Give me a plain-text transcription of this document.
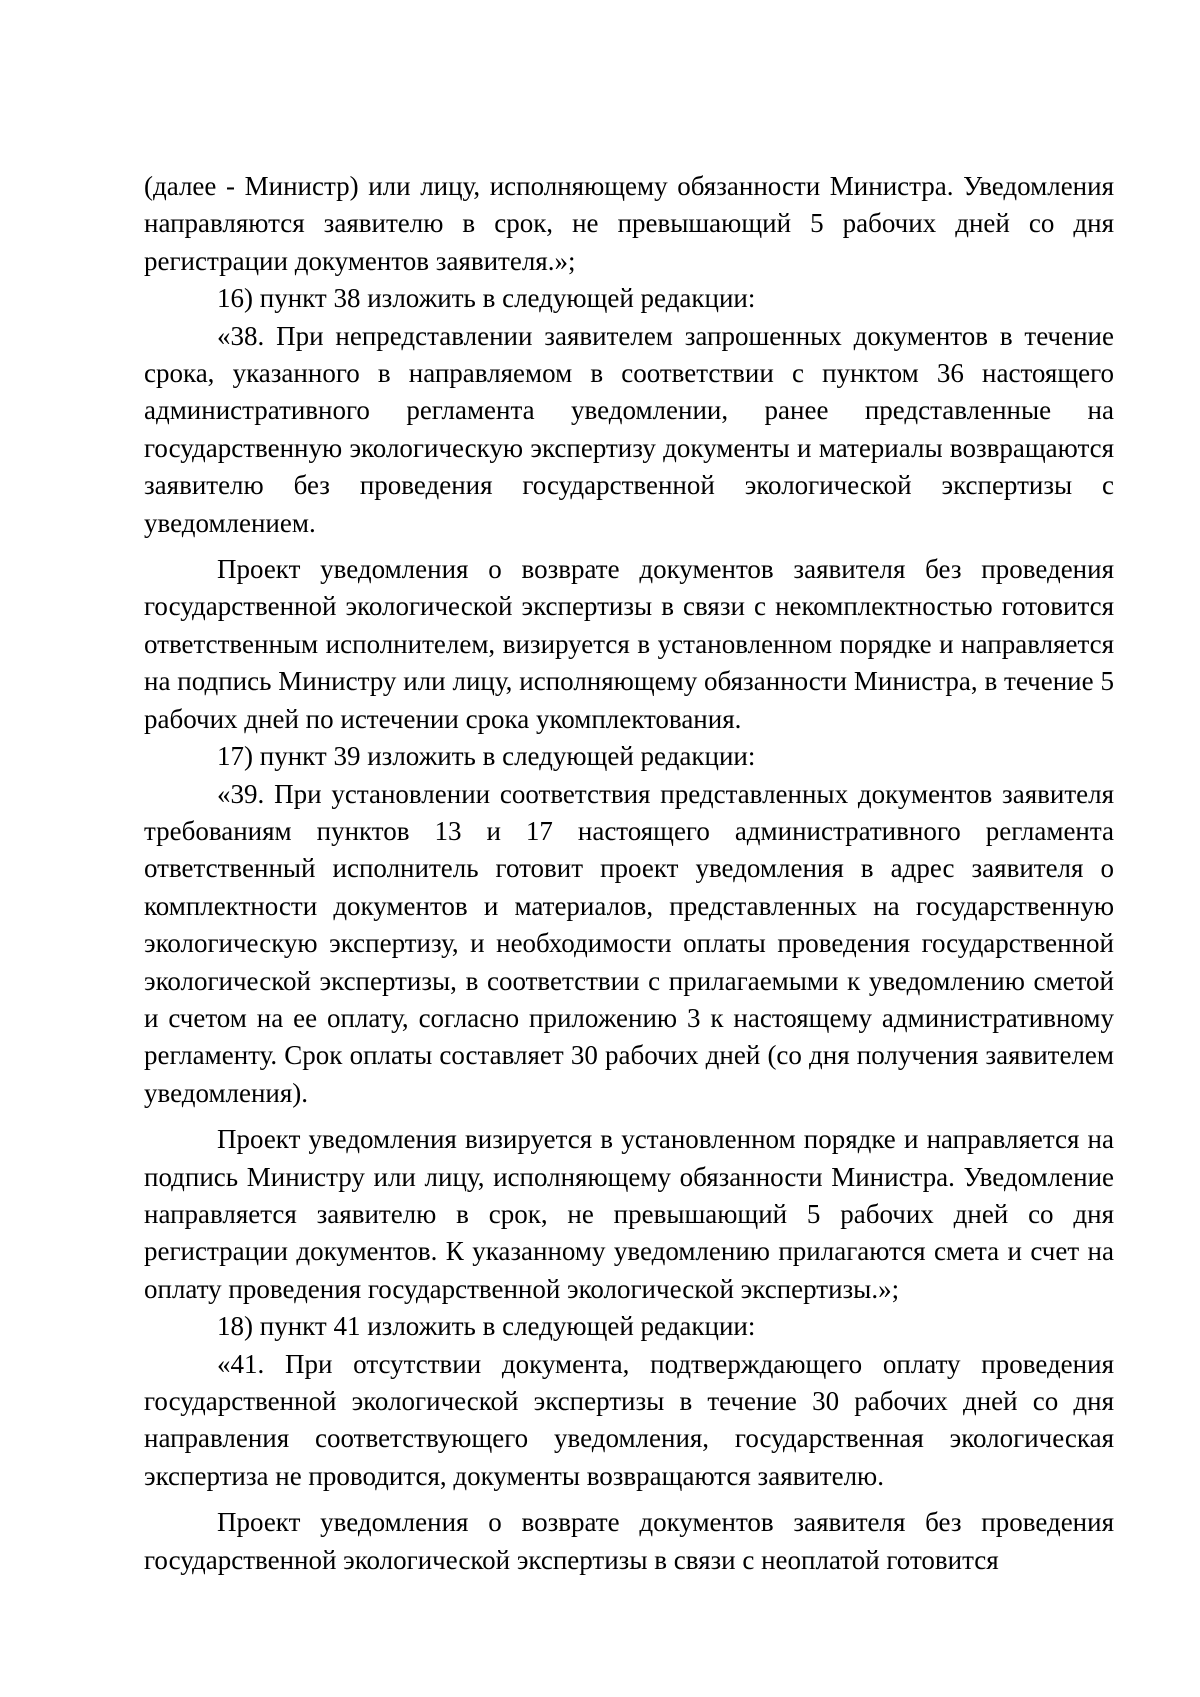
(далее - Министр) или лицу, исполняющему обязанности Министра. Уведомления направляются заявителю в срок, не превышающий 5 рабочих дней со дня регистрации документов заявителя.»;

16) пункт 38 изложить в следующей редакции:

«38. При непредставлении заявителем запрошенных документов в течение срока, указанного в направляемом в соответствии с пунктом 36 настоящего административного регламента уведомлении, ранее представленные на государственную экологическую экспертизу документы и материалы возвращаются заявителю без проведения государственной экологической экспертизы с уведомлением.

Проект уведомления о возврате документов заявителя без проведения государственной экологической экспертизы в связи с некомплектностью готовится ответственным исполнителем, визируется в установленном порядке и направляется на подпись Министру или лицу, исполняющему обязанности Министра, в течение 5 рабочих дней по истечении срока укомплектования.

17) пункт 39 изложить в следующей редакции:

«39. При установлении соответствия представленных документов заявителя требованиям пунктов 13 и 17 настоящего административного регламента ответственный исполнитель готовит проект уведомления в адрес заявителя о комплектности документов и материалов, представленных на государственную экологическую экспертизу, и необходимости оплаты проведения государственной экологической экспертизы, в соответствии с прилагаемыми к уведомлению сметой и счетом на ее оплату, согласно приложению 3 к настоящему административному регламенту. Срок оплаты составляет 30 рабочих дней (со дня получения заявителем уведомления).

Проект уведомления визируется в установленном порядке и направляется на подпись Министру или лицу, исполняющему обязанности Министра. Уведомление направляется заявителю в срок, не превышающий 5 рабочих дней со дня регистрации документов. К указанному уведомлению прилагаются смета и счет на оплату проведения государственной экологической экспертизы.»;

18) пункт 41 изложить в следующей редакции:

«41. При отсутствии документа, подтверждающего оплату проведения государственной экологической экспертизы в течение 30 рабочих дней со дня направления соответствующего уведомления, государственная экологическая экспертиза не проводится, документы возвращаются заявителю.

Проект уведомления о возврате документов заявителя без проведения государственной экологической экспертизы в связи с неоплатой готовится
